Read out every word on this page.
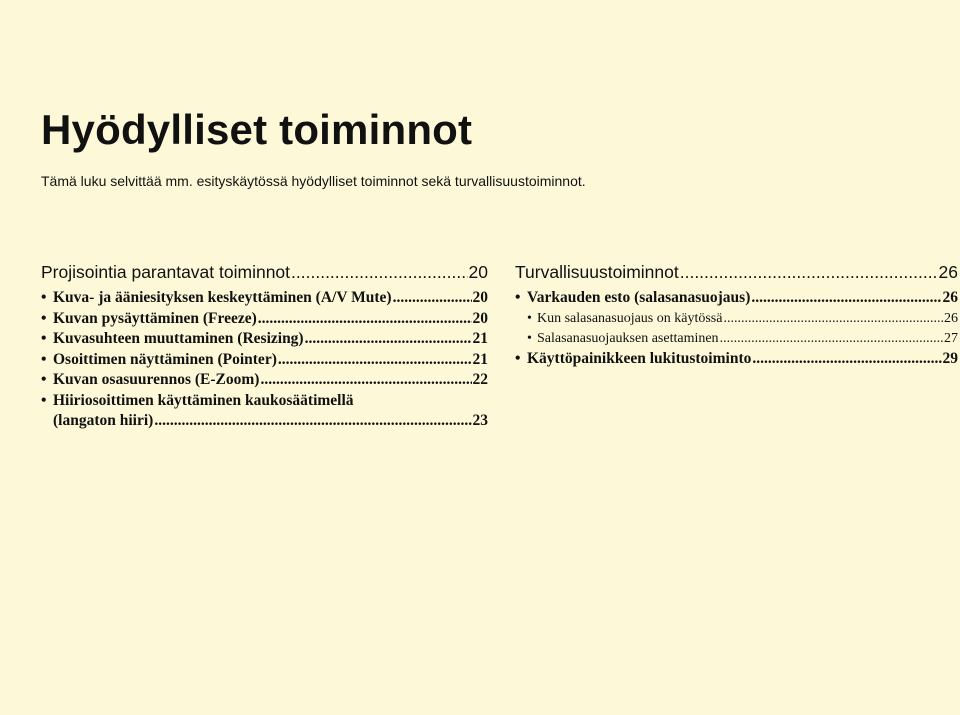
Hyödylliset toiminnot
Tämä luku selvittää mm. esityskäytössä hyödylliset toiminnot sekä turvallisuustoiminnot.
Projisointia parantavat toiminnot .....	20
• Kuva- ja ääniesityksen keskeyttäminen (A/V Mute) .....	20
• Kuvan pysäyttäminen (Freeze) .....	20
• Kuvasuhteen muuttaminen (Resizing) .....	21
• Osoittimen näyttäminen (Pointer) .....	21
• Kuvan osasuurennos (E-Zoom) .....	22
• Hiiriosoittimen käyttäminen kaukosäätimellä
(langaton hiiri) .....	23
Turvallisuustoiminnot .....	26
• Varkauden esto (salasanasuojaus) .....	26
• Kun salasanasuojaus on käytössä .....	26
• Salasanasuojauksen asettaminen .....	27
• Käyttöpainikkeen lukitustoiminto .....	29
